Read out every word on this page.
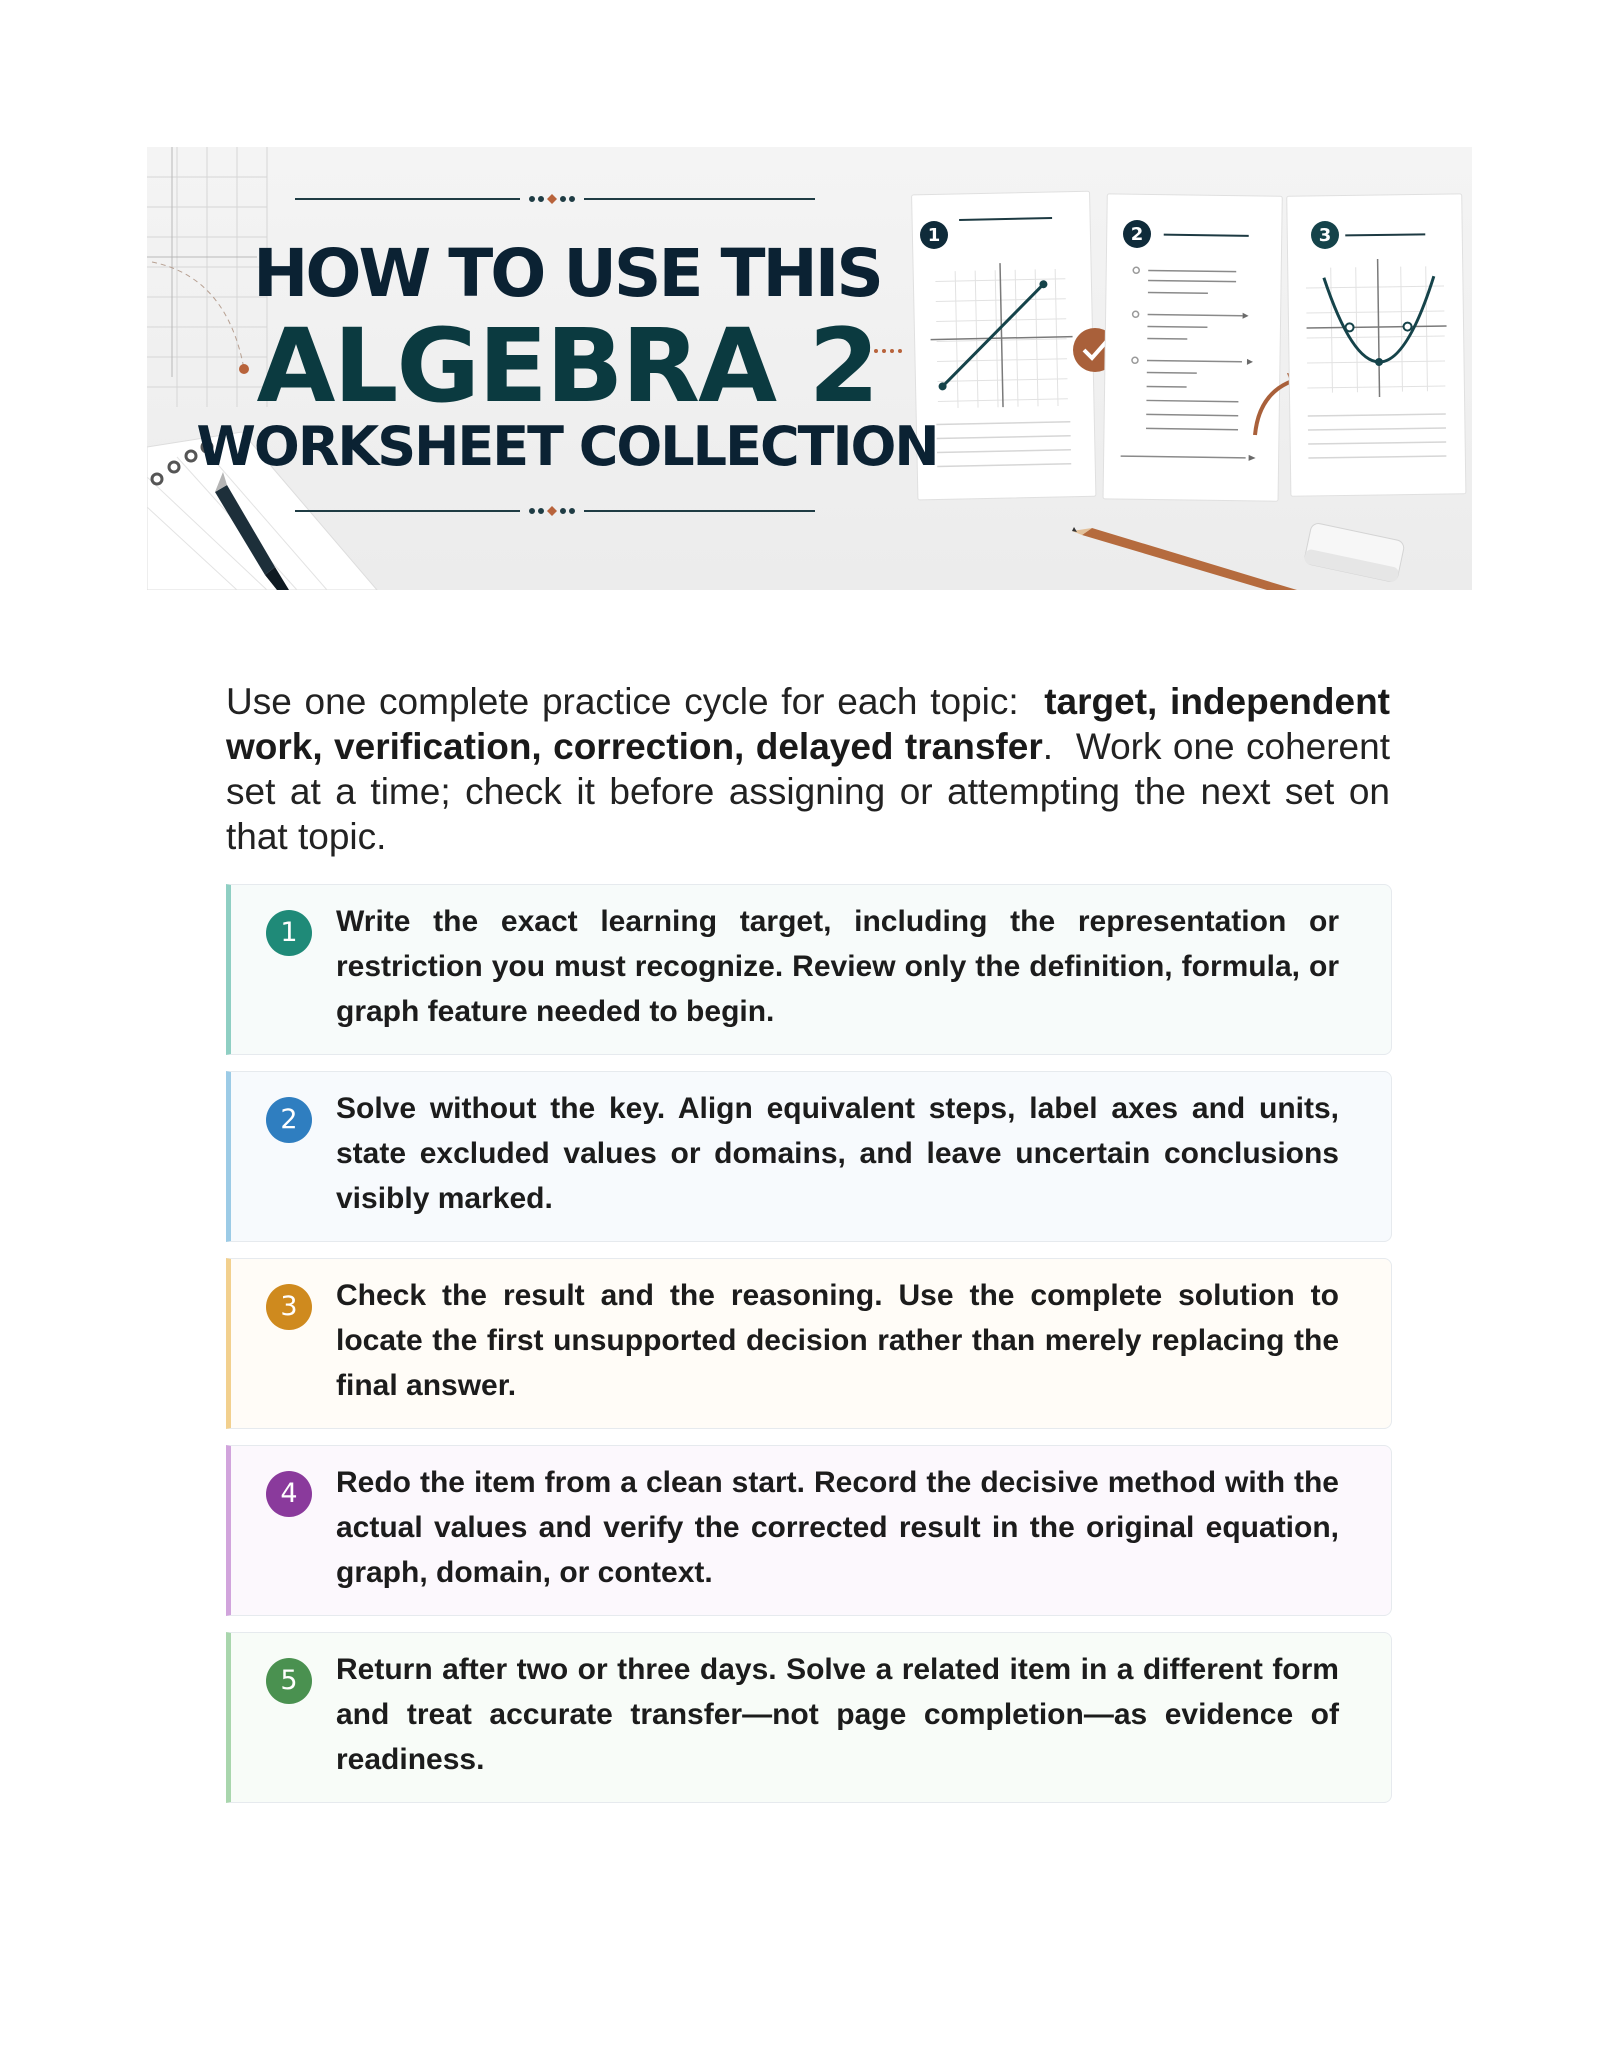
1	2	3
HOW TO USE THIS
ALGEBRA 2
WORKSHEET COLLECTION

Use one complete practice cycle for each topic: target, independent work, verification, correction, delayed transfer. Work one coherent set at a time; check it before assigning or attempting the next set on that topic.

1	Write the exact learning target, including the representation or restriction you must recognize. Review only the definition, formula, or graph feature needed to begin.
2	Solve without the key. Align equivalent steps, label axes and units, state excluded values or domains, and leave uncertain conclusions visibly marked.
3	Check the result and the reasoning. Use the complete solution to locate the first unsupported decision rather than merely replacing the final answer.
4	Redo the item from a clean start. Record the decisive method with the actual values and verify the corrected result in the original equation, graph, domain, or context.
5	Return after two or three days. Solve a related item in a different form and treat accurate transfer—not page completion—as evidence of readiness.
